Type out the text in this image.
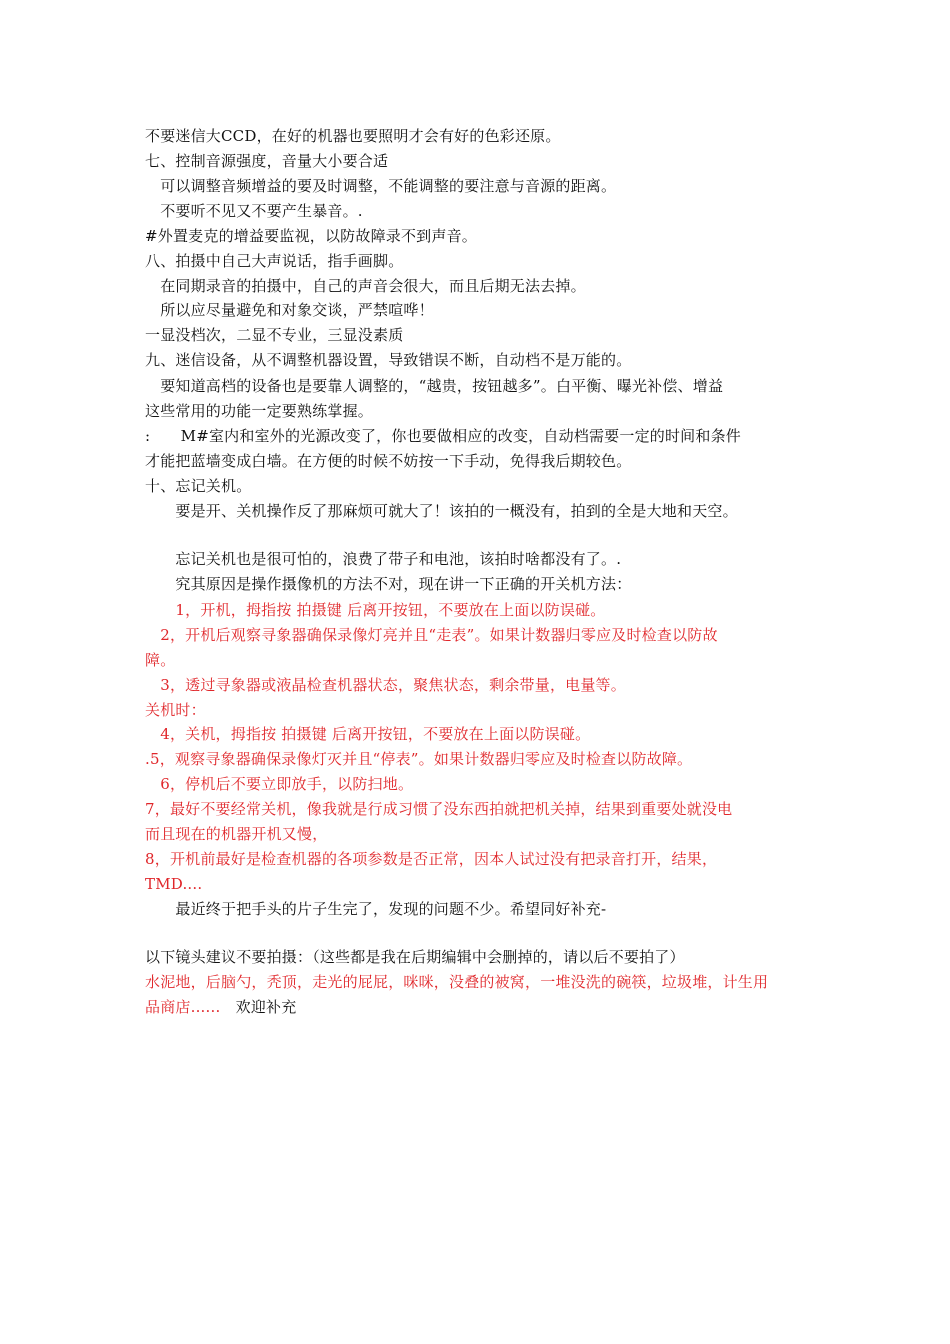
不要迷信大CCD，在好的机器也要照明才会有好的色彩还原。
七、控制音源强度，音量大小要合适
　可以调整音频增益的要及时调整，不能调整的要注意与音源的距离。
　不要听不见又不要产生暴音。.
#外置麦克的增益要监视，以防故障录不到声音。
八、拍摄中自己大声说话，指手画脚。
　在同期录音的拍摄中，自己的声音会很大，而且后期无法去掉。
　所以应尽量避免和对象交谈，严禁喧哗！
一显没档次，二显不专业，三显没素质
九、迷信设备，从不调整机器设置，导致错误不断，自动档不是万能的。
　要知道高档的设备也是要靠人调整的，“越贵，按钮越多”。白平衡、曝光补偿、增益
这些常用的功能一定要熟练掌握。
:　　M#室内和室外的光源改变了，你也要做相应的改变，自动档需要一定的时间和条件
才能把蓝墙变成白墙。在方便的时候不妨按一下手动，免得我后期较色。
十、忘记关机。
　　要是开、关机操作反了那麻烦可就大了！该拍的一概没有，拍到的全是大地和天空。
　　忘记关机也是很可怕的，浪费了带子和电池，该拍时啥都没有了。.
　　究其原因是操作摄像机的方法不对，现在讲一下正确的开关机方法：
　　1，开机，拇指按 拍摄键 后离开按钮，不要放在上面以防误碰。
　2，开机后观察寻象器确保录像灯亮并且“走表”。如果计数器归零应及时检查以防故
障。
　3，透过寻象器或液晶检查机器状态，聚焦状态，剩余带量，电量等。
关机时：
　4，关机，拇指按 拍摄键 后离开按钮，不要放在上面以防误碰。
.5，观察寻象器确保录像灯灭并且“停表”。如果计数器归零应及时检查以防故障。
　6，停机后不要立即放手，以防扫地。
7，最好不要经常关机，像我就是行成习惯了没东西拍就把机关掉，结果到重要处就没电
而且现在的机器开机又慢，
8，开机前最好是检查机器的各项参数是否正常，因本人试过没有把录音打开，结果，
TMD....
　　最近终于把手头的片子生完了，发现的问题不少。希望同好补充-
以下镜头建议不要拍摄：（这些都是我在后期编辑中会删掉的，请以后不要拍了）
水泥地，后脑勺，秃顶，走光的屁屁，咪咪，没叠的被窝，一堆没洗的碗筷，垃圾堆，计生用
品商店......　欢迎补充
